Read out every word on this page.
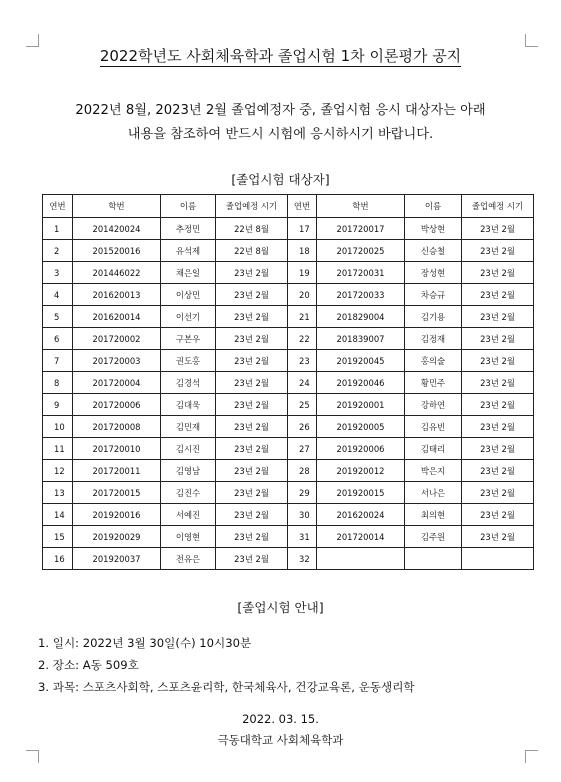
2022학년도 사회체육학과 졸업시험 1차 이론평가 공지
2022년 8월, 2023년 2월 졸업예정자 중, 졸업시험 응시 대상자는 아래
내용을 참조하여 반드시 시험에 응시하시기 바랍니다.
[졸업시험 대상자]
연번	학번	이름	졸업예정 시기	연번	학번	이름	졸업예정 시기
1	201420024	추정민	22년 8월	17	201720017	박상현	23년 2월
2	201520016	유석제	22년 8월	18	201720025	신승철	23년 2월
3	201446022	채은일	23년 2월	19	201720031	장성현	23년 2월
4	201620013	이상민	23년 2월	20	201720033	차승규	23년 2월
5	201620014	이선기	23년 2월	21	201829004	김기용	23년 2월
6	201720002	구본우	23년 2월	22	201839007	김정재	23년 2월
7	201720003	권도홍	23년 2월	23	201920045	홍의술	23년 2월
8	201720004	김경석	23년 2월	24	201920046	황민주	23년 2월
9	201720006	김대욱	23년 2월	25	201920001	강하연	23년 2월
10	201720008	김민재	23년 2월	26	201920005	김유빈	23년 2월
11	201720010	김시진	23년 2월	27	201920006	김태리	23년 2월
12	201720011	김영남	23년 2월	28	201920012	박은지	23년 2월
13	201720015	김진수	23년 2월	29	201920015	서나은	23년 2월
14	201920016	서예진	23년 2월	30	201620024	최의현	23년 2월
15	201920029	이영현	23년 2월	31	201720014	김주원	23년 2월
16	201920037	전유은	23년 2월	32			
[졸업시험 안내]
1. 일시: 2022년 3월 30일(수) 10시30분
2. 장소: A동 509호
3. 과목: 스포츠사회학, 스포츠윤리학, 한국체육사, 건강교육론, 운동생리학
2022. 03. 15.
극동대학교 사회체육학과
